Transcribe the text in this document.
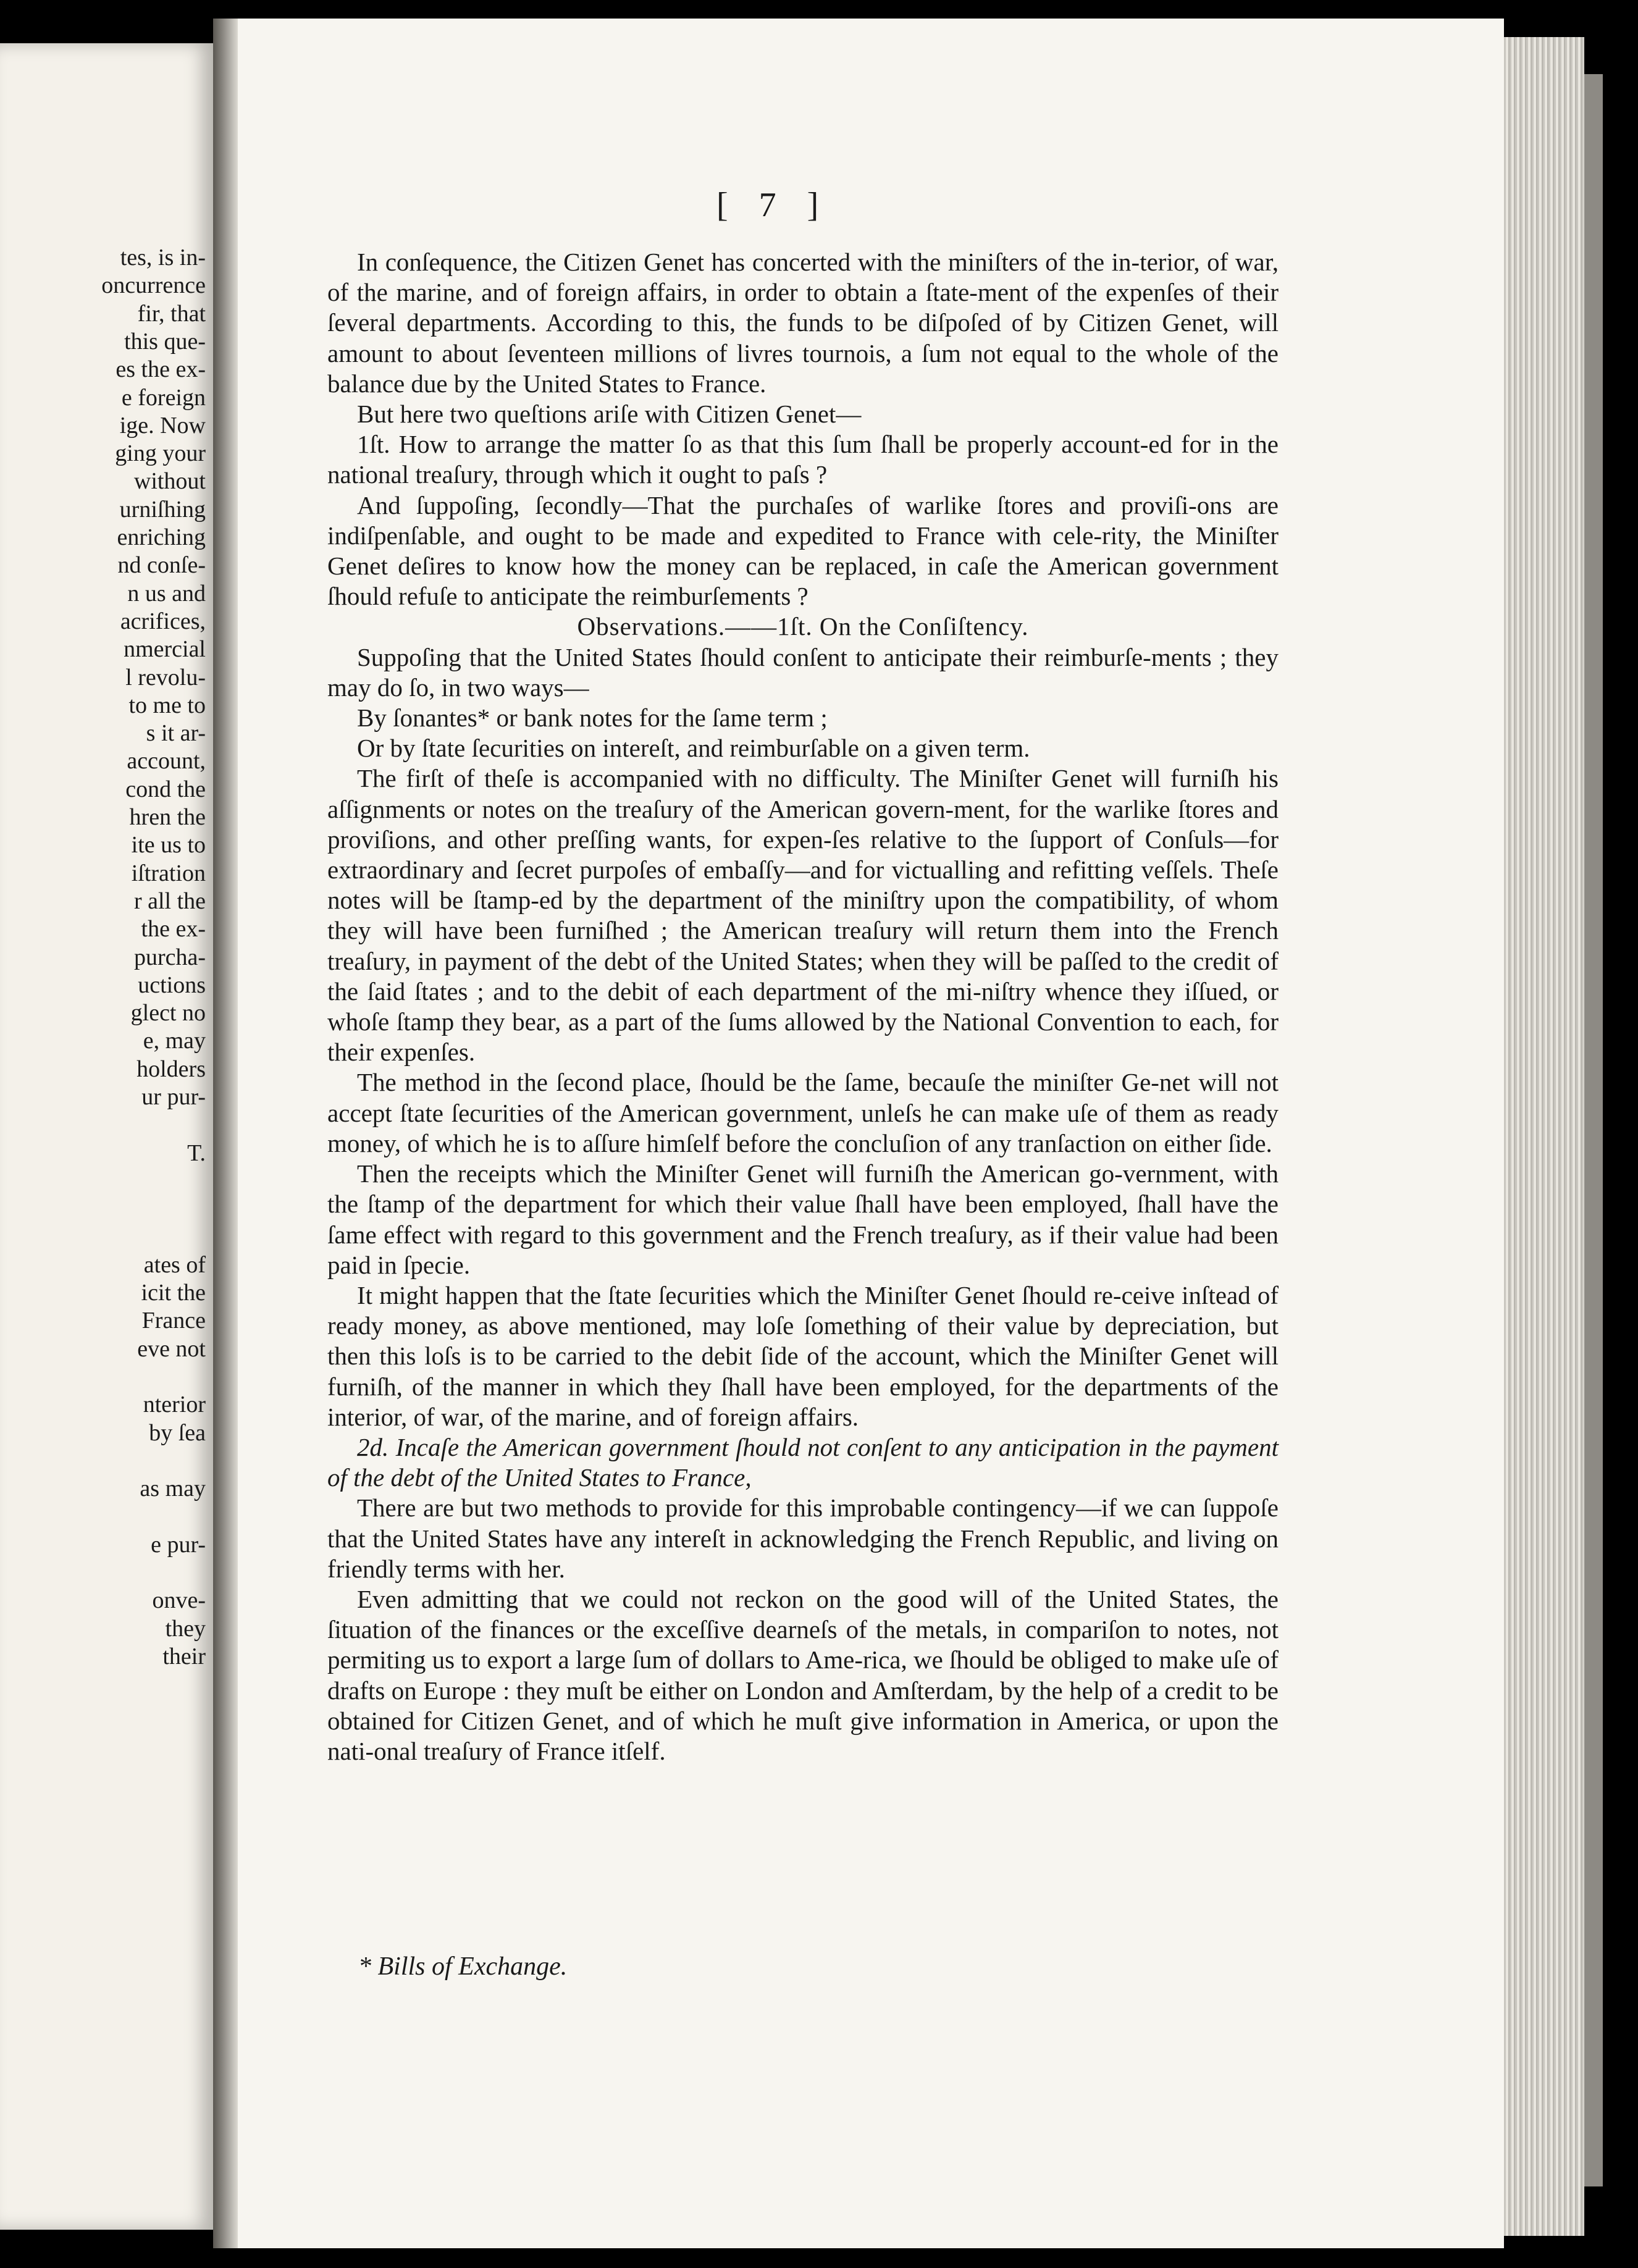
tes, is in-
oncurrence
fir, that
this que-
es the ex-
e foreign
ige. Now
ging your
without
urniſhing
enriching
nd conſe-
n us and
acrifices,
nmercial
l revolu-
to me to
s it ar-
account,
cond the
hren the
ite us to
iſtration
r all the
the ex-
purcha-
uctions
glect no
e, may
holders
ur pur-
T.
ates of
icit the
France
eve not
nterior
by ſea
as may
e pur-
onve-
they
their
[ 7 ]

In conſequence, the Citizen Genet has concerted with the miniſters of the in-terior, of war, of the marine, and of foreign affairs, in order to obtain a ſtate-ment of the expenſes of their ſeveral departments. According to this, the funds to be diſpoſed of by Citizen Genet, will amount to about ſeventeen millions of livres tournois, a ſum not equal to the whole of the balance due by the United States to France.

But here two queſtions ariſe with Citizen Genet—

1ſt. How to arrange the matter ſo as that this ſum ſhall be properly account-ed for in the national treaſury, through which it ought to paſs ?

And ſuppoſing, ſecondly—That the purchaſes of warlike ſtores and proviſi-ons are indiſpenſable, and ought to be made and expedited to France with cele-rity, the Miniſter Genet deſires to know how the money can be replaced, in caſe the American government ſhould refuſe to anticipate the reimburſements ?

Observations.——1ſt. On the Conſiſtency.

Suppoſing that the United States ſhould conſent to anticipate their reimburſe-ments ; they may do ſo, in two ways—

By ſonantes* or bank notes for the ſame term ;

Or by ſtate ſecurities on intereſt, and reimburſable on a given term.

The firſt of theſe is accompanied with no difficulty. The Miniſter Genet will furniſh his aſſignments or notes on the treaſury of the American govern-ment, for the warlike ſtores and proviſions, and other preſſing wants, for expen-ſes relative to the ſupport of Conſuls—for extraordinary and ſecret purpoſes of embaſſy—and for victualling and refitting veſſels. Theſe notes will be ſtamp-ed by the department of the miniſtry upon the compatibility, of whom they will have been furniſhed ; the American treaſury will return them into the French treaſury, in payment of the debt of the United States; when they will be paſſed to the credit of the ſaid ſtates ; and to the debit of each department of the mi-niſtry whence they iſſued, or whoſe ſtamp they bear, as a part of the ſums allowed by the National Convention to each, for their expenſes.

The method in the ſecond place, ſhould be the ſame, becauſe the miniſter Ge-net will not accept ſtate ſecurities of the American government, unleſs he can make uſe of them as ready money, of which he is to aſſure himſelf before the concluſion of any tranſaction on either ſide.

Then the receipts which the Miniſter Genet will furniſh the American go-vernment, with the ſtamp of the department for which their value ſhall have been employed, ſhall have the ſame effect with regard to this government and the French treaſury, as if their value had been paid in ſpecie.

It might happen that the ſtate ſecurities which the Miniſter Genet ſhould re-ceive inſtead of ready money, as above mentioned, may loſe ſomething of their value by depreciation, but then this loſs is to be carried to the debit ſide of the account, which the Miniſter Genet will furniſh, of the manner in which they ſhall have been employed, for the departments of the interior, of war, of the marine, and of foreign affairs.

2d. Incaſe the American government ſhould not conſent to any anticipation in the payment of the debt of the United States to France,

There are but two methods to provide for this improbable contingency—if we can ſuppoſe that the United States have any intereſt in acknowledging the French Republic, and living on friendly terms with her.

Even admitting that we could not reckon on the good will of the United States, the ſituation of the finances or the exceſſive dearneſs of the metals, in compariſon to notes, not permiting us to export a large ſum of dollars to Ame-rica, we ſhould be obliged to make uſe of drafts on Europe : they muſt be either on London and Amſterdam, by the help of a credit to be obtained for Citizen Genet, and of which he muſt give information in America, or upon the nati-onal treaſury of France itſelf.

* Bills of Exchange.
